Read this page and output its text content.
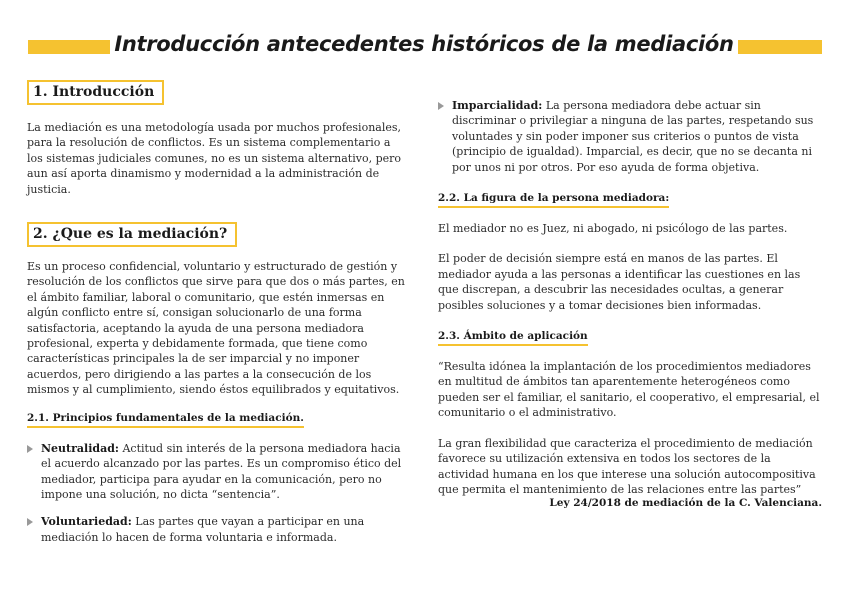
Introducción antecedentes históricos de la mediación
1. Introducción

La mediación es una metodología usada por muchos profesionales, para la resolución de conflictos. Es un sistema complementario a los sistemas judiciales comunes, no es un sistema alternativo, pero aun así aporta dinamismo y modernidad a la administración de justicia.

2. ¿Que es la mediación?

Es un proceso confidencial, voluntario y estructurado de gestión y resolución de los conflictos que sirve para que dos o más partes, en el ámbito familiar, laboral o comunitario, que estén inmersas en algún conflicto entre sí, consigan solucionarlo de una forma satisfactoria, aceptando la ayuda de una persona mediadora profesional, experta y debidamente formada, que tiene como características principales la de ser imparcial y no imponer acuerdos, pero dirigiendo a las partes a la consecución de los mismos y al cumplimiento, siendo éstos equilibrados y equitativos.

2.1. Principios fundamentales de la mediación.
Neutralidad: Actitud sin interés de la persona mediadora hacia el acuerdo alcanzado por las partes. Es un compromiso ético del mediador, participa para ayudar en la comunicación, pero no impone una solución, no dicta “sentencia”.
Voluntariedad: Las partes que vayan a participar en una mediación lo hacen de forma voluntaria e informada.
Imparcialidad: La persona mediadora debe actuar sin discriminar o privilegiar a ninguna de las partes, respetando sus voluntades y sin poder imponer sus criterios o puntos de vista (principio de igualdad). Imparcial, es decir, que no se decanta ni por unos ni por otros. Por eso ayuda de forma objetiva.
2.2. La figura de la persona mediadora:

El mediador no es Juez, ni abogado, ni psicólogo de las partes.

El poder de decisión siempre está en manos de las partes. El mediador ayuda a las personas a identificar las cuestiones en las que discrepan, a descubrir las necesidades ocultas, a generar posibles soluciones y a tomar decisiones bien informadas.

2.3. Ámbito de aplicación

“Resulta idónea la implantación de los procedimientos mediadores en multitud de ámbitos tan aparentemente heterogéneos como pueden ser el familiar, el sanitario, el cooperativo, el empresarial, el comunitario o el administrativo.

La gran flexibilidad que caracteriza el procedimiento de mediación favorece su utilización extensiva en todos los sectores de la actividad humana en los que interese una solución autocompositiva que permita el mantenimiento de las relaciones entre las partes”

Ley 24/2018 de mediación de la C. Valenciana.
